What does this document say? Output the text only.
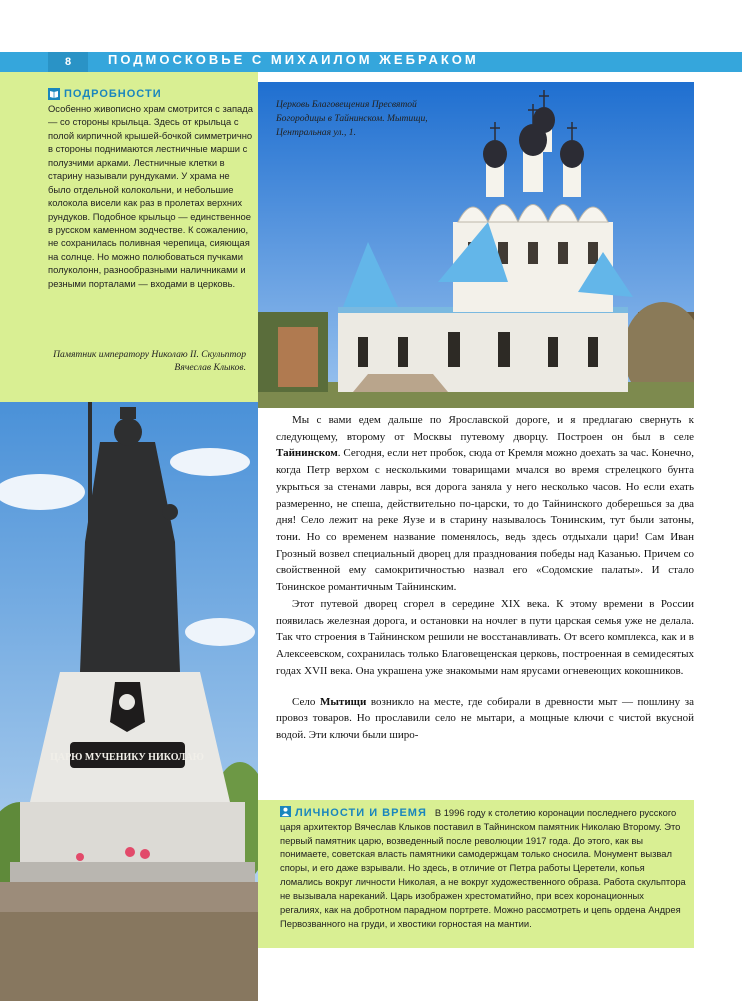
8	ПОДМОСКОВЬЕ С МИХАИЛОМ ЖЕБРАКОМ
ПОДРОБНОСТИ

Особенно живописно храм смотрится с запада — со стороны крыльца. Здесь от крыльца с полой кирпичной крышей-бочкой симметрично в стороны поднимаются лестничные марши с полузчими арками. Лестничные клетки в старину называли рундуками. У храма не было отдельной колокольни, и небольшие колокола висели как раз в пролетах верхних рундуков. Подобное крыльцо — единственное в русском каменном зодчестве. К сожалению, не сохранилась поливная черепица, сияющая на солнце. Но можно полюбоваться пучками полуколонн, разнообразными наличниками и резными порталами — входами в церковь.

Памятник императору Николаю II. Скульптор Вячеслав Клыков.
Церковь Благовещения Пресвятой Богородицы в Тайнинском. Мытищи, Центральная ул., 1.
ЦАРЮ МУЧЕНИКУ НИКОЛАЮ

Мы с вами едем дальше по Ярославской дороге, и я предлагаю свернуть к следующему, второму от Москвы путевому дворцу. Построен он был в селе Тайнинском. Сегодня, если нет пробок, сюда от Кремля можно доехать за час. Конечно, когда Петр верхом с несколькими товарищами мчался во время стрелецкого бунта укрыться за стенами лавры, вся дорога заняла у него несколько часов. Но если ехать размеренно, не спеша, действительно по-царски, то до Тайнинского доберешься за два дня! Село лежит на реке Яузе и в старину называлось Тонинским, тут были затоны, тони. Но со временем название поменялось, ведь здесь отдыхали цари! Сам Иван Грозный возвел специальный дворец для празднования победы над Казанью. Причем со свойственной ему самокритичностью назвал его «Содомские палаты». И стало Тонинское романтичным Тайнинским.

Этот путевой дворец сгорел в середине XIX века. К этому времени в России появилась железная дорога, и остановки на ночлег в пути царская семья уже не делала. Так что строения в Тайнинском решили не восстанавливать. От всего комплекса, как и в Алексеевском, сохранилась только Благовещенская церковь, построенная в семидесятых годах XVII века. Она украшена уже знакомыми нам ярусами огневеющих кокошников.

Село Мытищи возникло на месте, где собирали в древности мыт — пошлину за провоз товаров. Но прославили село не мытари, а мощные ключи с чистой вкусной водой. Эти ключи были широ-

ЛИЧНОСТИ И ВРЕМЯ В 1996 году к столетию коронации последнего русского царя архитектор Вячеслав Клыков поставил в Тайнинском памятник Николаю Второму. Это первый памятник царю, возведенный после революции 1917 года. До этого, как вы понимаете, советская власть памятники самодержцам только сносила. Монумент вызвал споры, и его даже взрывали. Но здесь, в отличие от Петра работы Церетели, копья ломались вокруг личности Николая, а не вокруг художественного образа. Работа скульптора не вызывала нареканий. Царь изображен хрестоматийно, при всех коронационных регалиях, как на добротном парадном портрете. Можно рассмотреть и цепь ордена Андрея Первозванного на груди, и хвостики горностая на мантии.
